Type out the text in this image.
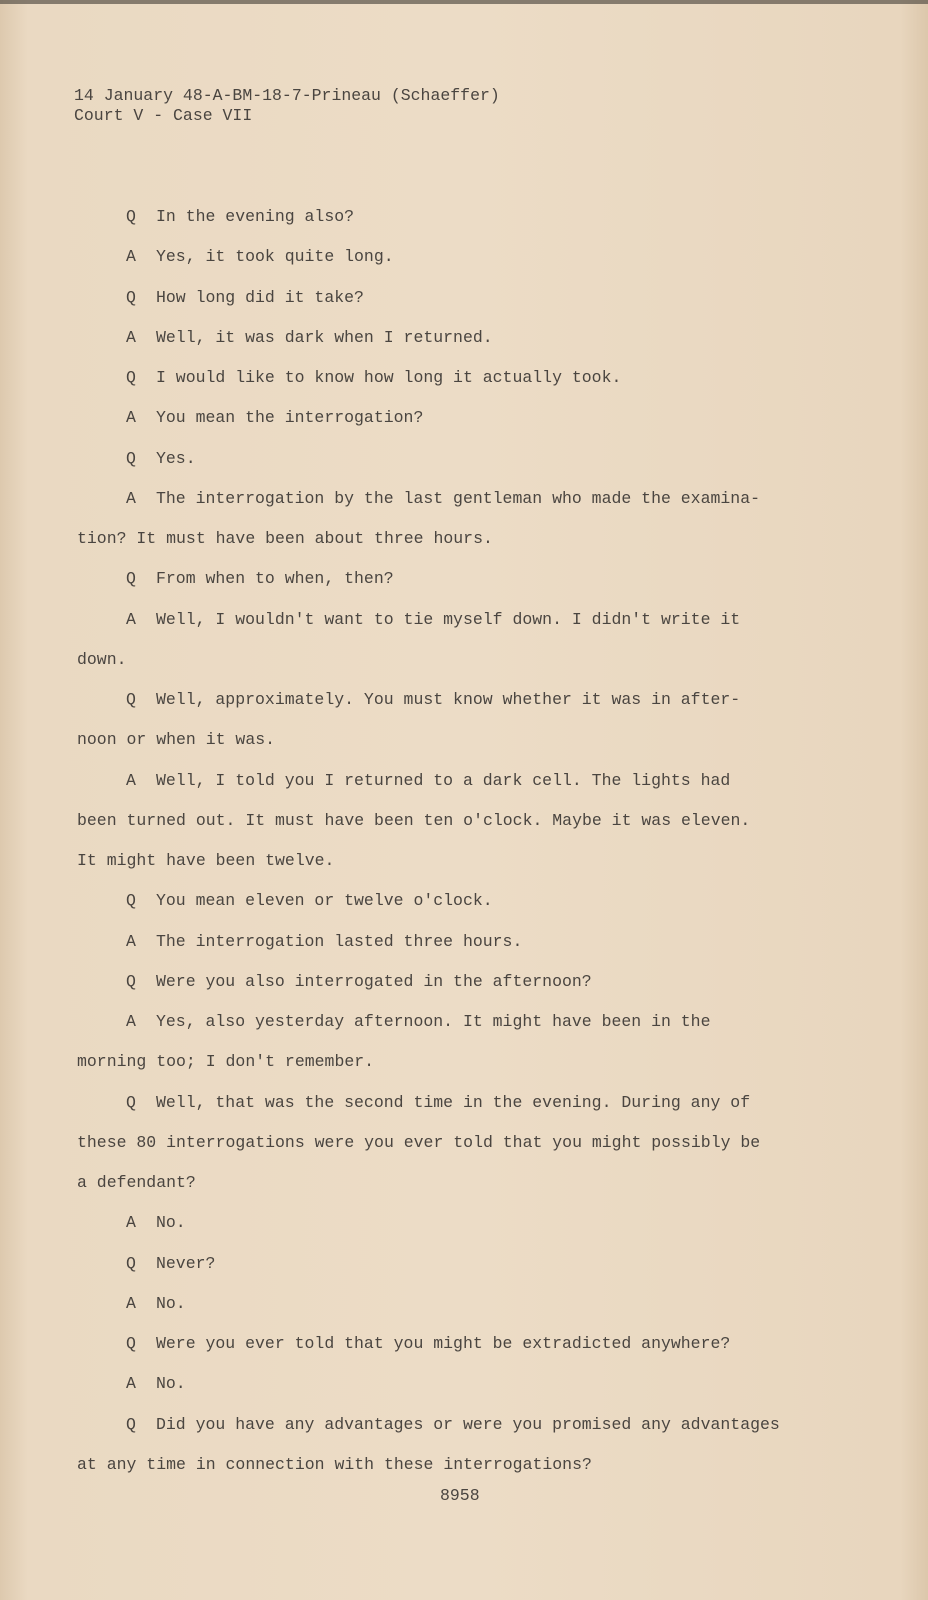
14 January 48-A-BM-18-7-Prineau (Schaeffer)
Court V - Case VII
Q In the evening also?
A Yes, it took quite long.
Q How long did it take?
A Well, it was dark when I returned.
Q I would like to know how long it actually took.
A You mean the interrogation?
Q Yes.
A The interrogation by the last gentleman who made the examina-
tion? It must have been about three hours.
Q From when to when, then?
A Well, I wouldn't want to tie myself down. I didn't write it
down.
Q Well, approximately. You must know whether it was in after-
noon or when it was.
A Well, I told you I returned to a dark cell. The lights had
been turned out. It must have been ten o'clock. Maybe it was eleven.
It might have been twelve.
Q You mean eleven or twelve o'clock.
A The interrogation lasted three hours.
Q Were you also interrogated in the afternoon?
A Yes, also yesterday afternoon. It might have been in the
morning too; I don't remember.
Q Well, that was the second time in the evening. During any of
these 80 interrogations were you ever told that you might possibly be
a defendant?
A No.
Q Never?
A No.
Q Were you ever told that you might be extradicted anywhere?
A No.
Q Did you have any advantages or were you promised any advantages
at any time in connection with these interrogations?
8958
